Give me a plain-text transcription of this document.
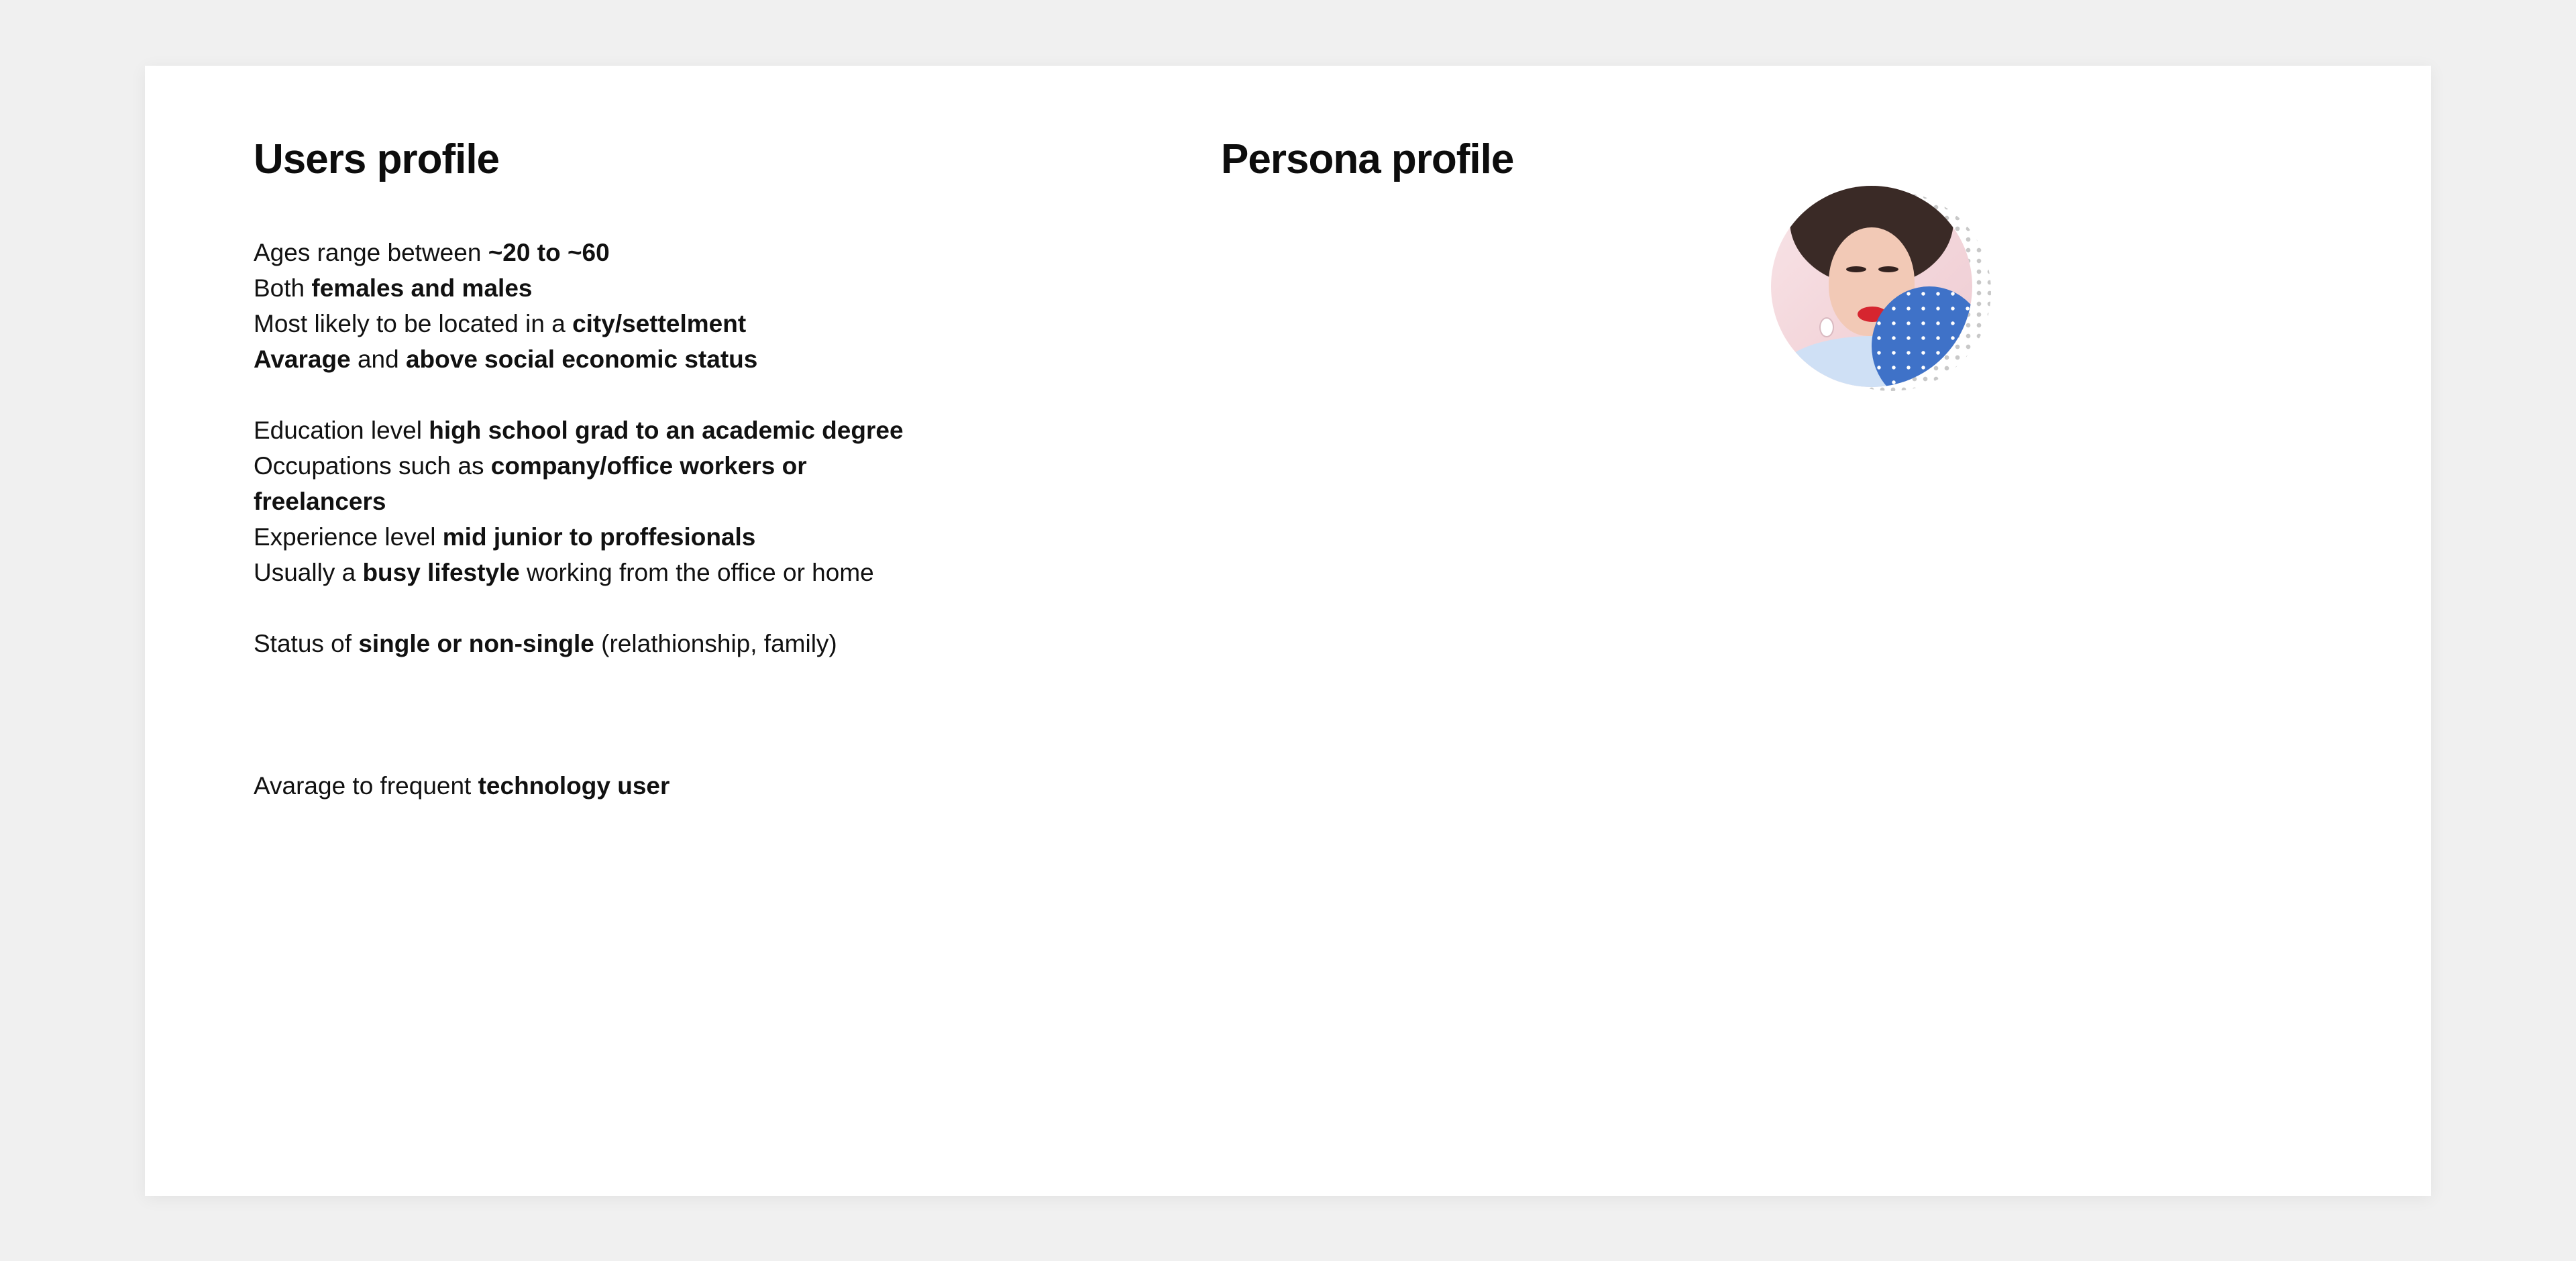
Users profile

Ages range between ~20 to ~60
Both females and males
Most likely to be located in a city/settelment
Avarage and above social economic status

Education level high school grad to an academic degree
Occupations such as company/office workers or freelancers
Experience level mid junior to proffesionals
Usually a busy lifestyle working from the office or home

Status of single or non-single (relathionship, family)

Avarage to frequent technology user

Persona profile
